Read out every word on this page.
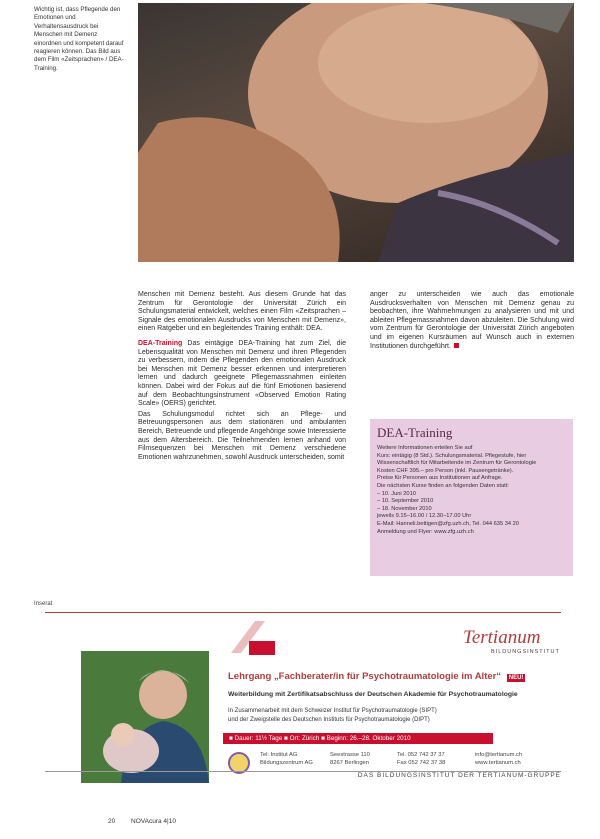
Wichtig ist, dass Pflegende den Emotionen und Verhaltensausdruck bei Menschen mit Demenz einordnen und kompetent darauf reagieren können. Das Bild aus dem Film «Zeitsprachen» / DEA-Training.

Menschen mit Demenz besteht. Aus diesem Grunde hat das Zentrum für Gerontologie der Universität Zürich ein Schulungsmaterial entwickelt, welches einen Film «Zeitsprachen – Signale des emotionalen Ausdrucks von Menschen mit Demenz», einen Ratgeber und ein begleitendes Training enthält: DEA.

DEA-Training Das eintägige DEA-Training hat zum Ziel, die Lebensqualität von Menschen mit Demenz und ihren Pflegenden zu verbessern, indem die Pflegenden den emotionalen Ausdruck bei Menschen mit Demenz besser erkennen und interpretieren lernen und dadurch geeignete Pflegemassnahmen einleiten können. Dabei wird der Fokus auf die fünf Emotionen basierend auf dem Beobachtungsinstrument «Observed Emotion Rating Scale» (OERS) gerichtet.

Das Schulungsmodul richtet sich an Pflege- und Betreuungspersonen aus dem stationären und ambulanten Bereich, Betreuende und pflegende Angehörige sowie Interessierte aus dem Altersbereich. Die Teilnehmenden lernen anhand von Filmsequenzen bei Menschen mit Demenz verschiedene Emotionen wahrzunehmen, sowohl Ausdruck unterscheiden, somit

anger zu unterscheiden wie auch das emotionale Ausdrucksverhalten von Menschen mit Demenz genau zu beobachten, ihre Wahrnehmungen zu analysieren und mit und ableiten Pflegemassnahmen davon abzuleiten. Die Schulung wird vom Zentrum für Gerontologie der Universität Zürich angeboten und im eigenen Kursräumen auf Wunsch auch in externen Institutionen durchgeführt.

DEA-Training
Weitere Informationen erteilen Sie auf
Kurs: eintägig (8 Std.). Schulungsmaterial. Pflegestufe, hier
Wissenschaftlich für Mitarbeitende im Zentrum für Gerontologie
Kosten CHF 395.– pro Person (inkl. Pausengetränke).
Preise für Personen aus Institutionen auf Anfrage.
Die nächsten Kurse finden an folgenden Daten statt:
– 10. Juni 2010
– 10. September 2010
– 18. November 2010
jeweils 9.15–16.00 / 12.30–17.00 Uhr
E-Mail: Hanneli.bettigen@zfg.uzh.ch, Tel. 044 635 34 20
Anmeldung und Flyer: www.zfg.uzh.ch
Inserat
Tertianum
BILDUNGSINSTITUT
Lehrgang „Fachberater/in für Psychotraumatologie im Alter“ NEU!
Weiterbildung mit Zertifikatsabschluss der Deutschen Akademie für Psychotraumatologie
In Zusammenarbeit mit dem Schweizer Institut für Psychotraumatologie (SIPT)
und der Zweigstelle des Deutschen Instituts für Psychotraumatologie (DIPT)
■ Dauer: 11½ Tage ■ Ort: Zürich ■ Beginn: 26.–28. Oktober 2010
Tel: Institut AG
Bildungszentrum AG
Seestrasse 110
8267 Berlingen
Tel. 052 742 37 37
Fax 052 742 37 38
info@tertianum.ch
www.tertianum.ch
DAS BILDUNGSINSTITUT DER TERTIANUM-GRUPPE
20 NOVAcura 4|10
